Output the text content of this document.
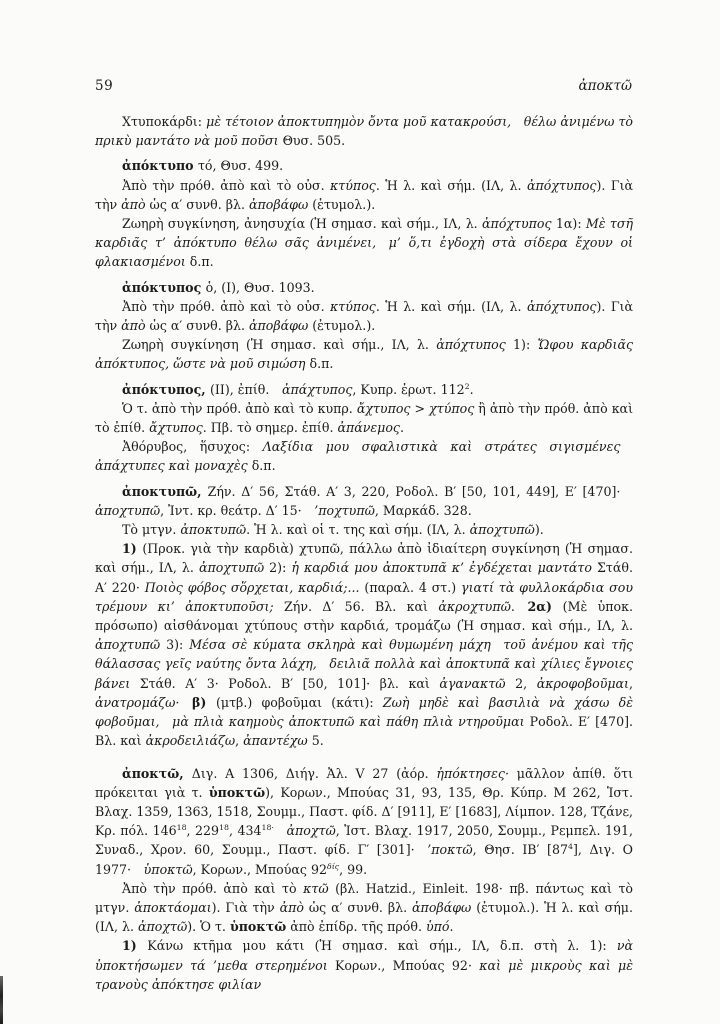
59	ἀποκτῶ

Χτυποκάρδι: μὲ τέτοιον ἀποκτυπημὸν ὄντα μοῦ κατακρούσι, θέλω ἀνιμένω τὸ πρικὺ μαντάτο νὰ μοῦ ποῦσι Θυσ. 505.

ἀπόκτυπο τό, Θυσ. 499.

Ἀπὸ τὴν πρόθ. ἀπὸ καὶ τὸ οὐσ. κτύπος. Ἡ λ. καὶ σήμ. (ΙΛ, λ. ἀπόχτυπος). Γιὰ τὴν ἀπὸ ὡς α′ συνθ. βλ. ἀποβάφω (ἐτυμολ.).

Ζωηρὴ συγκίνηση, ἀνησυχία (Ἡ σημασ. καὶ σήμ., ΙΛ, λ. ἀπόχτυπος 1α): Μὲ τσῆ καρδιᾶς τ’ ἀπόκτυπο θέλω σᾶς ἀνιμένει, μ’ ὅ,τι ἐγδοχὴ στὰ σίδερα ἔχουν οἱ φλακιασμένοι δ.π.

ἀπόκτυπος ὁ, (Ι), Θυσ. 1093.

Ἀπὸ τὴν πρόθ. ἀπὸ καὶ τὸ οὐσ. κτύπος. Ἡ λ. καὶ σήμ. (ΙΛ, λ. ἀπόχτυπος). Γιὰ τὴν ἀπὸ ὡς α′ συνθ. βλ. ἀποβάφω (ἐτυμολ.).

Ζωηρὴ συγκίνηση (Ἡ σημασ. καὶ σήμ., ΙΛ, λ. ἀπόχτυπος 1): Ὤφου καρδιᾶς ἀπόκτυπος, ὥστε νὰ μοῦ σιμώση δ.π.

ἀπόκτυπος, (ΙΙ), ἐπίθ. ἀπάχτυπος, Κυπρ. ἐρωτ. $112^2$.

Ὁ τ. ἀπὸ τὴν πρόθ. ἀπὸ καὶ τὸ κυπρ. ἄχτυπος > χτύπος ἢ ἀπὸ τὴν πρόθ. ἀπὸ καὶ τὸ ἐπίθ. ἄχτυπος. Πβ. τὸ σημερ. ἐπίθ. ἀπάνεμος.

Ἀθόρυβος, ἥσυχος: Λαξίδια μου σφαλιστικὰ καὶ στράτες σιγισμένες ἀπάχτυπες καὶ μοναχὲς δ.π.

ἀποκτυπῶ, Ζήν. Δ′ 56, Στάθ. Α′ 3, 220, Ροδολ. Β′ [50, 101, 449], Ε′ [470]· ἀποχτυπῶ, Ἰντ. κρ. θεάτρ. Δ′ 15· ’ποχτυπῶ, Μαρκάδ. 328.

Τὸ μτγν. ἀποκτυπῶ. Ἡ λ. καὶ οἱ τ. της καὶ σήμ. (ΙΛ, λ. ἀποχτυπῶ).

1) (Προκ. γιὰ τὴν καρδιὰ) χτυπῶ, πάλλω ἀπὸ ἰδιαίτερη συγκίνηση (Ἡ σημασ. καὶ σήμ., ΙΛ, λ. ἀποχτυπῶ 2): ἡ καρδιά μου ἀποκτυπᾶ κ’ ἐγδέχεται μαντάτο Στάθ. Α′ 220· Ποιὸς φόβος σὅρχεται, καρδιά;... (παραλ. 4 στ.) γιατί τὰ φυλλοκάρδια σου τρέμουν κι’ ἀποκτυποῦσι; Ζήν. Δ′ 56. Βλ. καὶ ἀκροχτυπῶ. 2α) (Μὲ ὑποκ. πρόσωπο) αἰσθάνομαι χτύπους στὴν καρδιά, τρομάζω (Ἡ σημασ. καὶ σήμ., ΙΛ, λ. ἀποχτυπῶ 3): Μέσα σὲ κύματα σκληρὰ καὶ θυμωμένη μάχη τοῦ ἀνέμου καὶ τῆς θάλασσας γεῖς ναύτης ὄντα λάχη, δειλιᾶ πολλὰ καὶ ἀποκτυπᾶ καὶ χίλιες ἔγνοιες βάνει Στάθ. Α′ 3· Ροδολ. Β′ [50, 101]· βλ. καὶ ἀγανακτῶ 2, ἀκροφοβοῦμαι, ἀνατρομάζω· β) (μτβ.) φοβοῦμαι (κάτι): Ζωὴ μηδὲ καὶ βασιλιὰ νὰ χάσω δὲ φοβοῦμαι, μὰ πλιὰ καημοὺς ἀποκτυπῶ καὶ πάθη πλιὰ ντηροῦμαι Ροδολ. Ε′ [470]. Βλ. καὶ ἀκροδειλιάζω, ἀπαντέχω 5.

ἀποκτῶ, Διγ. Α 1306, Διήγ. Ἀλ. V 27 (ἀόρ. ἠπόκτησες· μᾶλλον ἀπίθ. ὅτι πρόκειται γιὰ τ. ὑποκτῶ), Κορων., Μπούας 31, 93, 135, Θρ. Κύπρ. Μ 262, Ἱστ. Βλαχ. 1359, 1363, 1518, Σουμμ., Παστ. φίδ. Δ′ [911], Ε′ [1683], Λίμπον. 128, Τζάνε, Κρ. πόλ. $146^{18}$, $229^{18}$, $434^{18\cdot}$  ἀποχτῶ, Ἱστ. Βλαχ. 1917, 2050, Σουμμ., Ρεμπελ. 191, Συναδ., Χρον. 60, Σουμμ., Παστ. φίδ. Γ′ [301]· ’ποκτῶ, Θησ. ΙΒ′ $[87^4]$, Διγ. Ο 1977· ὑποκτῶ, Κορων., Μπούας $92^{\delta ί\varsigma}$, 99.

Ἀπὸ τὴν πρόθ. ἀπὸ καὶ τὸ κτῶ (βλ. Hatzid., Einleit. 198· πβ. πάντως καὶ τὸ μτγν. ἀποκτάομαι). Γιὰ τὴν ἀπὸ ὡς α′ συνθ. βλ. ἀποβάφω (ἐτυμολ.). Ἡ λ. καὶ σήμ. (ΙΛ, λ. ἀποχτῶ). Ὁ τ. ὑποκτῶ ἀπὸ ἐπίδρ. τῆς πρόθ. ὑπό.

1) Κάνω κτῆμα μου κάτι (Ἡ σημασ. καὶ σήμ., ΙΛ, δ.π. στὴ λ. 1): νὰ ὑποκτήσωμεν τά ’μεθα στερημένοι Κορων., Μπούας 92· καὶ μὲ μικροὺς καὶ μὲ τρανοὺς ἀπόκτησε φιλίαν
